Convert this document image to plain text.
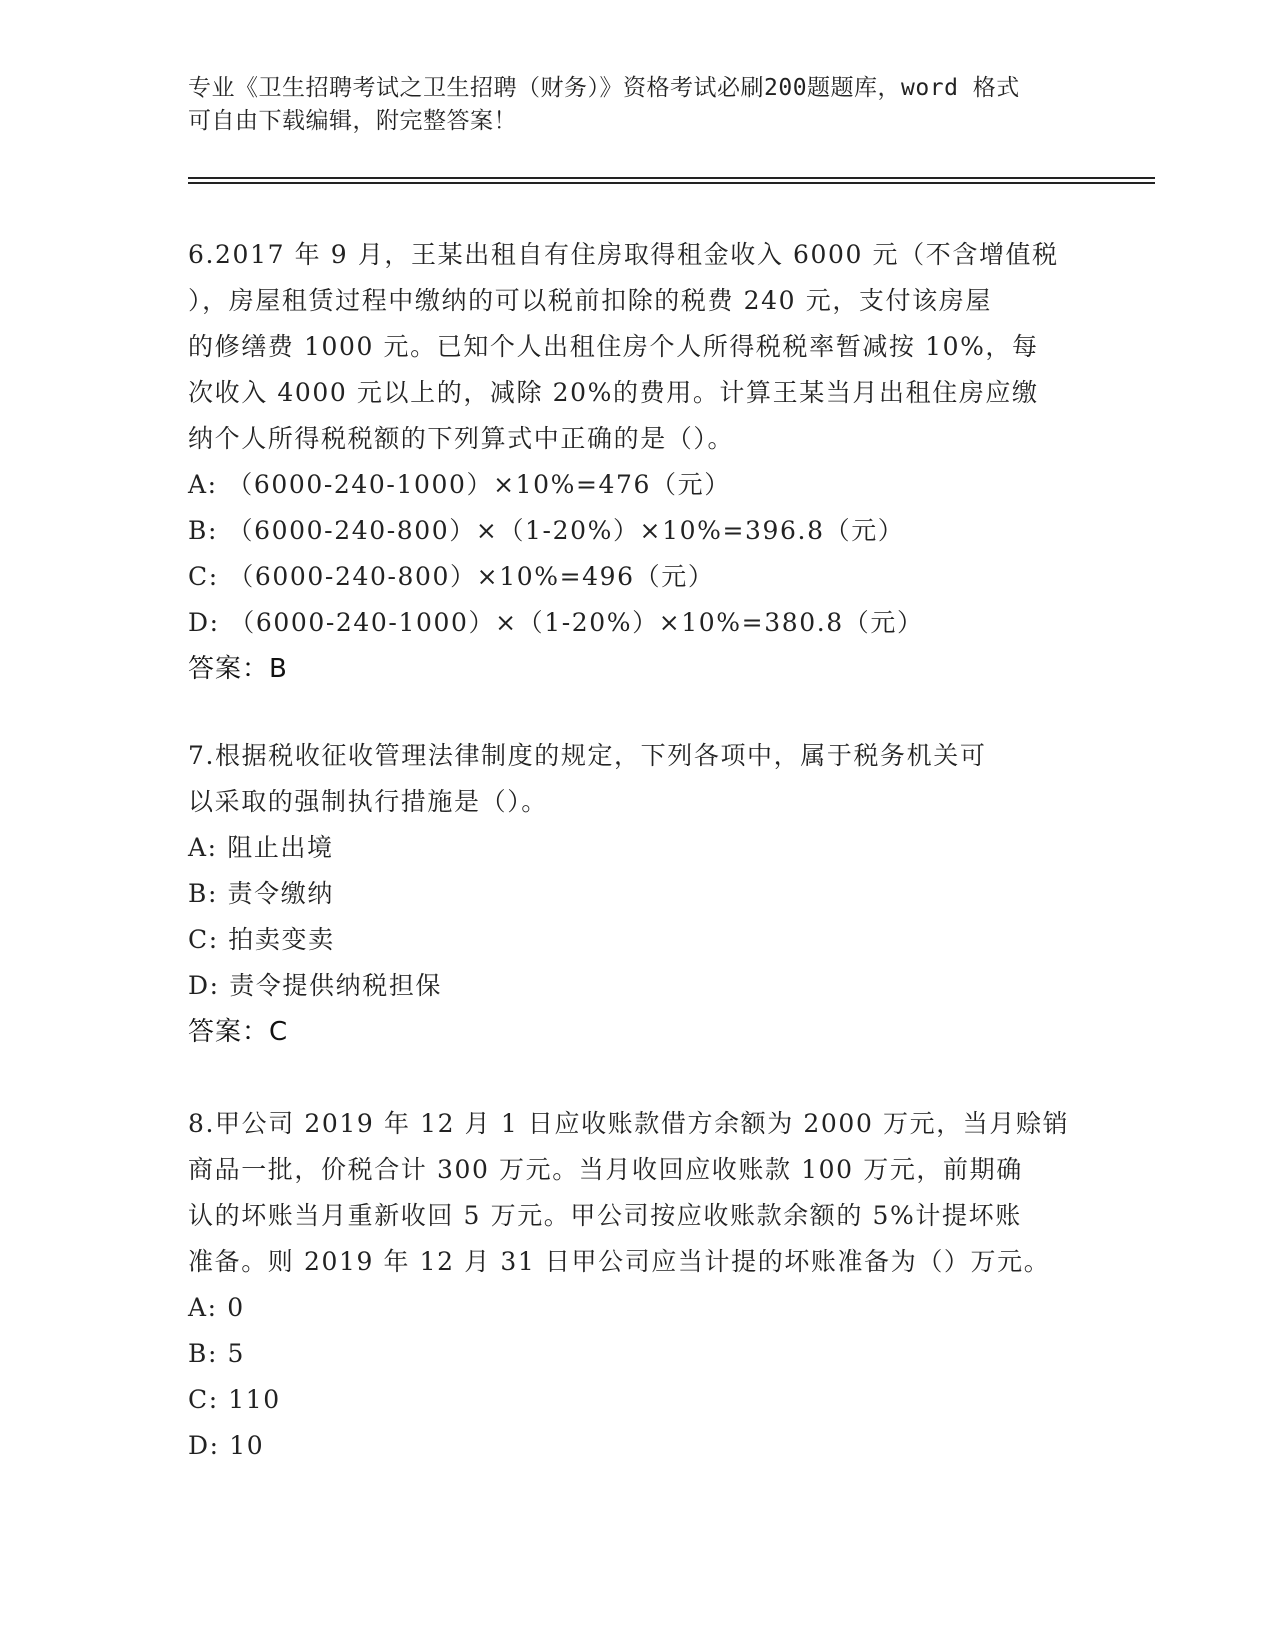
专业《卫生招聘考试之卫生招聘（财务）》资格考试必刷200题题库，word 格式
可自由下载编辑，附完整答案！
6.2017 年 9 月，王某出租自有住房取得租金收入 6000 元（不含增值税
），房屋租赁过程中缴纳的可以税前扣除的税费 240 元，支付该房屋
的修缮费 1000 元。已知个人出租住房个人所得税税率暂减按 10%，每
次收入 4000 元以上的，减除 20%的费用。计算王某当月出租住房应缴
纳个人所得税税额的下列算式中正确的是（）。
A: （6000-240-1000）×10%=476（元）
B: （6000-240-800）×（1-20%）×10%=396.8（元）
C: （6000-240-800）×10%=496（元）
D: （6000-240-1000）×（1-20%）×10%=380.8（元）
答案：B
7.根据税收征收管理法律制度的规定，下列各项中，属于税务机关可
以采取的强制执行措施是（）。
A: 阻止出境
B: 责令缴纳
C: 拍卖变卖
D: 责令提供纳税担保
答案：C
8.甲公司 2019 年 12 月 1 日应收账款借方余额为 2000 万元，当月赊销
商品一批，价税合计 300 万元。当月收回应收账款 100 万元，前期确
认的坏账当月重新收回 5 万元。甲公司按应收账款余额的 5%计提坏账
准备。则 2019 年 12 月 31 日甲公司应当计提的坏账准备为（）万元。
A: 0
B: 5
C: 110
D: 10
